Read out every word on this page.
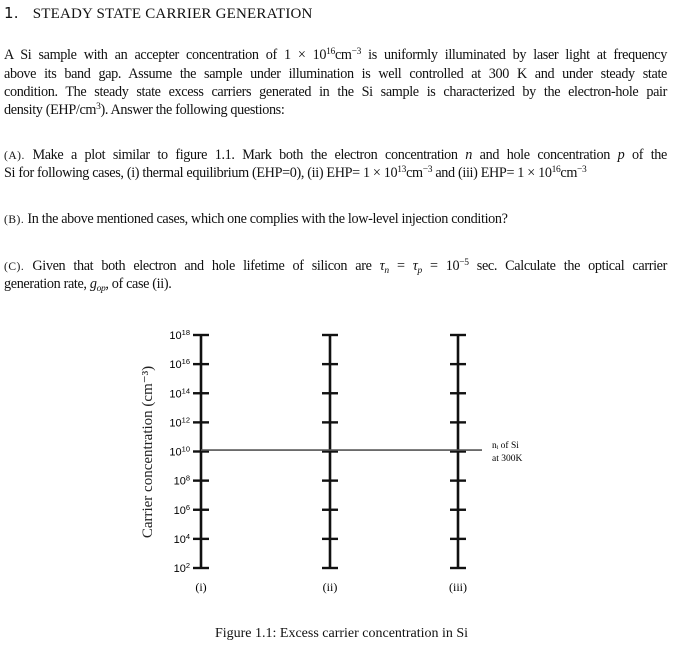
1. STEADY STATE CARRIER GENERATION
A Si sample with an accepter concentration of $1 \times 10^{16}cm^{-3}$ is uniformly illuminated by laser light at frequency
above its band gap. Assume the sample under illumination is well controlled at 300 K and under steady state
condition. The steady state excess carriers generated in the Si sample is characterized by the electron-hole pair
density $(EHP/cm^3)$. Answer the following questions:
(A). Make a plot similar to figure 1.1. Mark both the electron concentration n and hole concentration p of the
Si for following cases, (i) thermal equilibrium (EHP=0), (ii) $EHP= 1 \times 10^{13}cm^{-3}$ and (iii) $EHP= 1 \times 10^{16}cm^{-3}$
(B). In the above mentioned cases, which one complies with the low-level injection condition?
(C). Given that both electron and hole lifetime of silicon are $\tau_n = \tau_p = 10^{-5}$ sec. Calculate the optical carrier
generation rate, $g_{op}$, of case (ii).
(i)	(ii)	(iii)
$10^{18}$
$10^{16}$
$10^{14}$
$10^{12}$
$10^{10}$
$10^8$
$10^6$
$10^4$
$10^2$
nᵢ of Si
at 300K
Carrier concentration (cm⁻³)
Figure 1.1: Excess carrier concentration in Si
